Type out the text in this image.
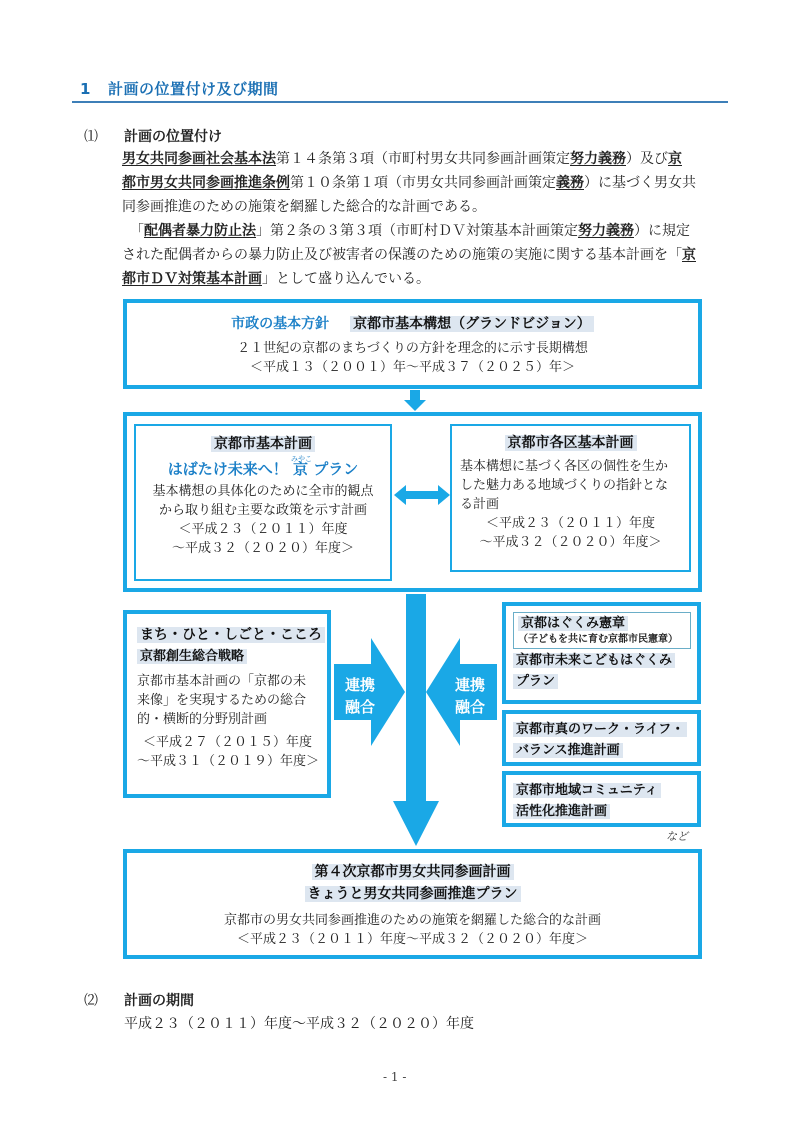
1 計画の位置付け及び期間
⑴ 計画の位置付け
男女共同参画社会基本法第１４条第３項（市町村男女共同参画計画策定努力義務）及び京
都市男女共同参画推進条例第１０条第１項（市男女共同参画計画策定義務）に基づく男女共
同参画推進のための施策を網羅した総合的な計画である。
「配偶者暴力防止法」第２条の３第３項（市町村ＤＶ対策基本計画策定努力義務）に規定
された配偶者からの暴力防止及び被害者の保護のための施策の実施に関する基本計画を「京
都市ＤＶ対策基本計画」として盛り込んでいる。
市政の基本方針 京都市基本構想（グランドビジョン）
２１世紀の京都のまちづくりの方針を理念的に示す長期構想
＜平成１３（２００１）年～平成３７（２０２５）年＞
京都市基本計画
はばたけ未来へ！
みやこ
京 プラン
基本構想の具体化のために全市的観点
から取り組む主要な政策を示す計画
＜平成２３（２０１１）年度
～平成３２（２０２０）年度＞
京都市各区基本計画
基本構想に基づく各区の個性を生か
した魅力ある地域づくりの指針とな
る計画
＜平成２３（２０１１）年度
～平成３２（２０２０）年度＞
まち・ひと・しごと・こころ
京都創生総合戦略
京都市基本計画の「京都の未
来像」を実現するための総合
的・横断的分野別計画
＜平成２７（２０１５）年度
～平成３１（２０１９）年度＞
連携
融合
連携
融合
京都はぐくみ憲章
（子どもを共に育む京都市民憲章）
京都市未来こどもはぐくみ
プラン
京都市真のワーク・ライフ・
バランス推進計画
京都市地域コミュニティ
活性化推進計画
など
第４次京都市男女共同参画計画
きょうと男女共同参画推進プラン
京都市の男女共同参画推進のための施策を網羅した総合的な計画
＜平成２３（２０１１）年度～平成３２（２０２０）年度＞
⑵ 計画の期間
平成２３（２０１１）年度～平成３２（２０２０）年度
- 1 -
